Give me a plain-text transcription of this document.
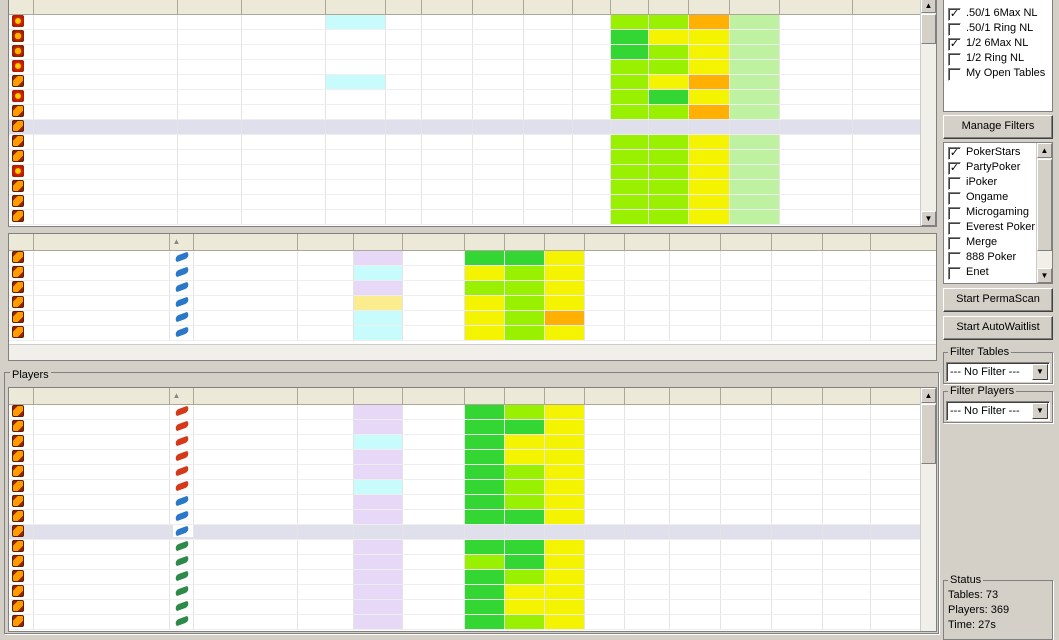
▲
▼
		▲														

Players
		▲														

																	▲
✓ .50/1 6Max NL
.50/1 Ring NL
✓ 1/2 6Max NL
1/2 Ring NL
My Open Tables
Manage Filters
✓ PokerStars
✓ PartyPoker
iPoker
Ongame
Microgaming
Everest Poker
Merge
888 Poker
Enet
▲
▼
Start PermaScan
Start AutoWaitlist
Filter Tables
--- No Filter ---	▼
Filter Players
--- No Filter ---	▼
Status
Tables: 73
Players: 369
Time: 27s
